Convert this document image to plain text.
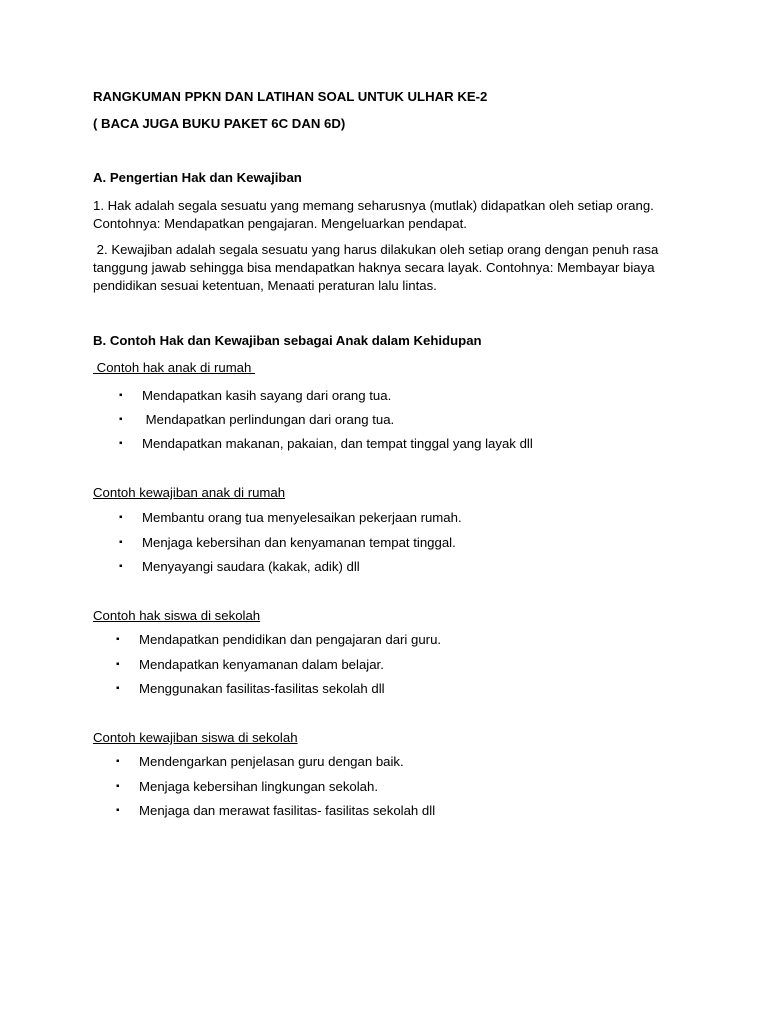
RANGKUMAN PPKN DAN LATIHAN SOAL UNTUK ULHAR KE-2
( BACA JUGA BUKU PAKET 6C DAN 6D)
A. Pengertian Hak dan Kewajiban
1. Hak adalah segala sesuatu yang memang seharusnya (mutlak) didapatkan oleh setiap orang.
Contohnya: Mendapatkan pengajaran. Mengeluarkan pendapat.
2. Kewajiban adalah segala sesuatu yang harus dilakukan oleh setiap orang dengan penuh rasa
tanggung jawab sehingga bisa mendapatkan haknya secara layak. Contohnya: Membayar biaya
pendidikan sesuai ketentuan, Menaati peraturan lalu lintas.
B. Contoh Hak dan Kewajiban sebagai Anak dalam Kehidupan
Contoh hak anak di rumah
▪ Mendapatkan kasih sayang dari orang tua.
▪ Mendapatkan perlindungan dari orang tua.
▪ Mendapatkan makanan, pakaian, dan tempat tinggal yang layak dll
Contoh kewajiban anak di rumah
▪ Membantu orang tua menyelesaikan pekerjaan rumah.
▪ Menjaga kebersihan dan kenyamanan tempat tinggal.
▪ Menyayangi saudara (kakak, adik) dll
Contoh hak siswa di sekolah
▪ Mendapatkan pendidikan dan pengajaran dari guru.
▪ Mendapatkan kenyamanan dalam belajar.
▪ Menggunakan fasilitas-fasilitas sekolah dll
Contoh kewajiban siswa di sekolah
▪ Mendengarkan penjelasan guru dengan baik.
▪ Menjaga kebersihan lingkungan sekolah.
▪ Menjaga dan merawat fasilitas- fasilitas sekolah dll
